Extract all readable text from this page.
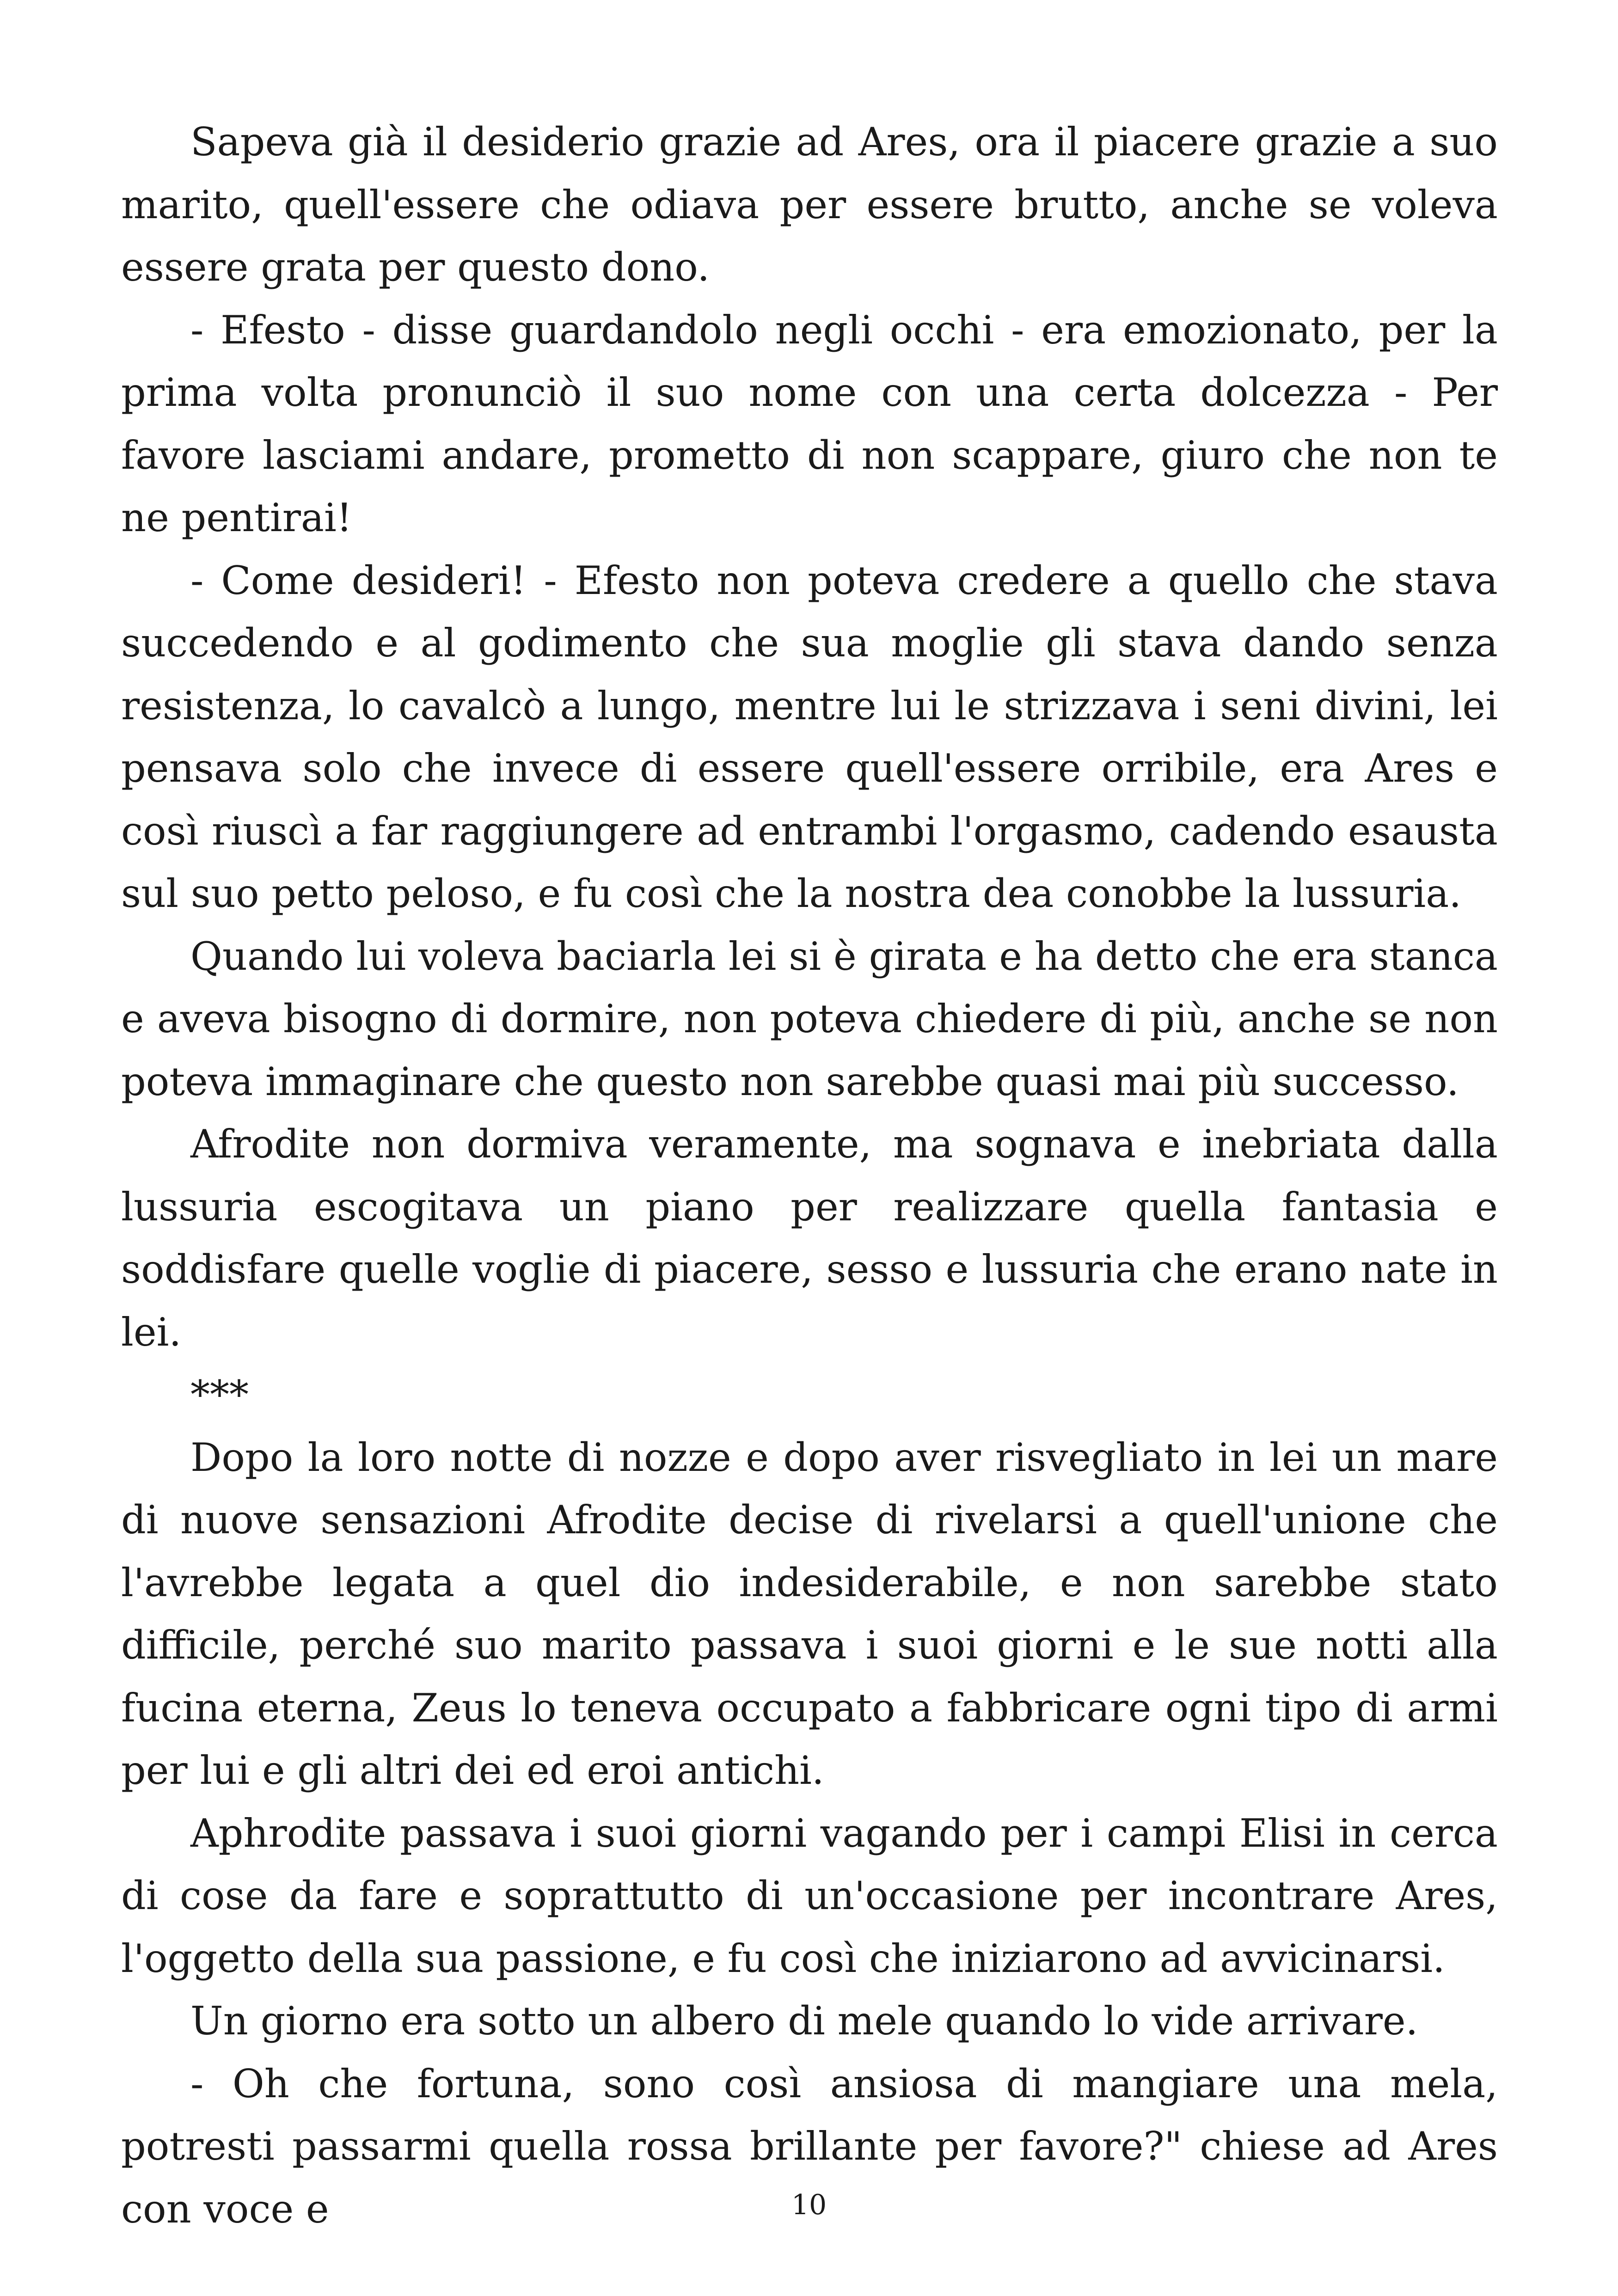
Sapeva già il desiderio grazie ad Ares, ora il piacere grazie a suo marito, quell'essere che odiava per essere brutto, anche se voleva essere grata per questo dono.

- Efesto - disse guardandolo negli occhi - era emozionato, per la prima volta pronunciò il suo nome con una certa dolcezza - Per favore lasciami andare, prometto di non scappare, giuro che non te ne pentirai!

- Come desideri! - Efesto non poteva credere a quello che stava succedendo e al godimento che sua moglie gli stava dando senza resistenza, lo cavalcò a lungo, mentre lui le strizzava i seni divini, lei pensava solo che invece di essere quell'essere orribile, era Ares e così riuscì a far raggiungere ad entrambi l'orgasmo, cadendo esausta sul suo petto peloso, e fu così che la nostra dea conobbe la lussuria.

Quando lui voleva baciarla lei si è girata e ha detto che era stanca e aveva bisogno di dormire, non poteva chiedere di più, anche se non poteva immaginare che questo non sarebbe quasi mai più successo.

Afrodite non dormiva veramente, ma sognava e inebriata dalla lussuria escogitava un piano per realizzare quella fantasia e soddisfare quelle voglie di piacere, sesso e lussuria che erano nate in lei.

***

Dopo la loro notte di nozze e dopo aver risvegliato in lei un mare di nuove sensazioni Afrodite decise di rivelarsi a quell'unione che l'avrebbe legata a quel dio indesiderabile, e non sarebbe stato difficile, perché suo marito passava i suoi giorni e le sue notti alla fucina eterna, Zeus lo teneva occupato a fabbricare ogni tipo di armi per lui e gli altri dei ed eroi antichi.

Aphrodite passava i suoi giorni vagando per i campi Elisi in cerca di cose da fare e soprattutto di un'occasione per incontrare Ares, l'oggetto della sua passione, e fu così che iniziarono ad avvicinarsi.

Un giorno era sotto un albero di mele quando lo vide arrivare.

- Oh che fortuna, sono così ansiosa di mangiare una mela, potresti passarmi quella rossa brillante per favore?" chiese ad Ares con voce e	10
